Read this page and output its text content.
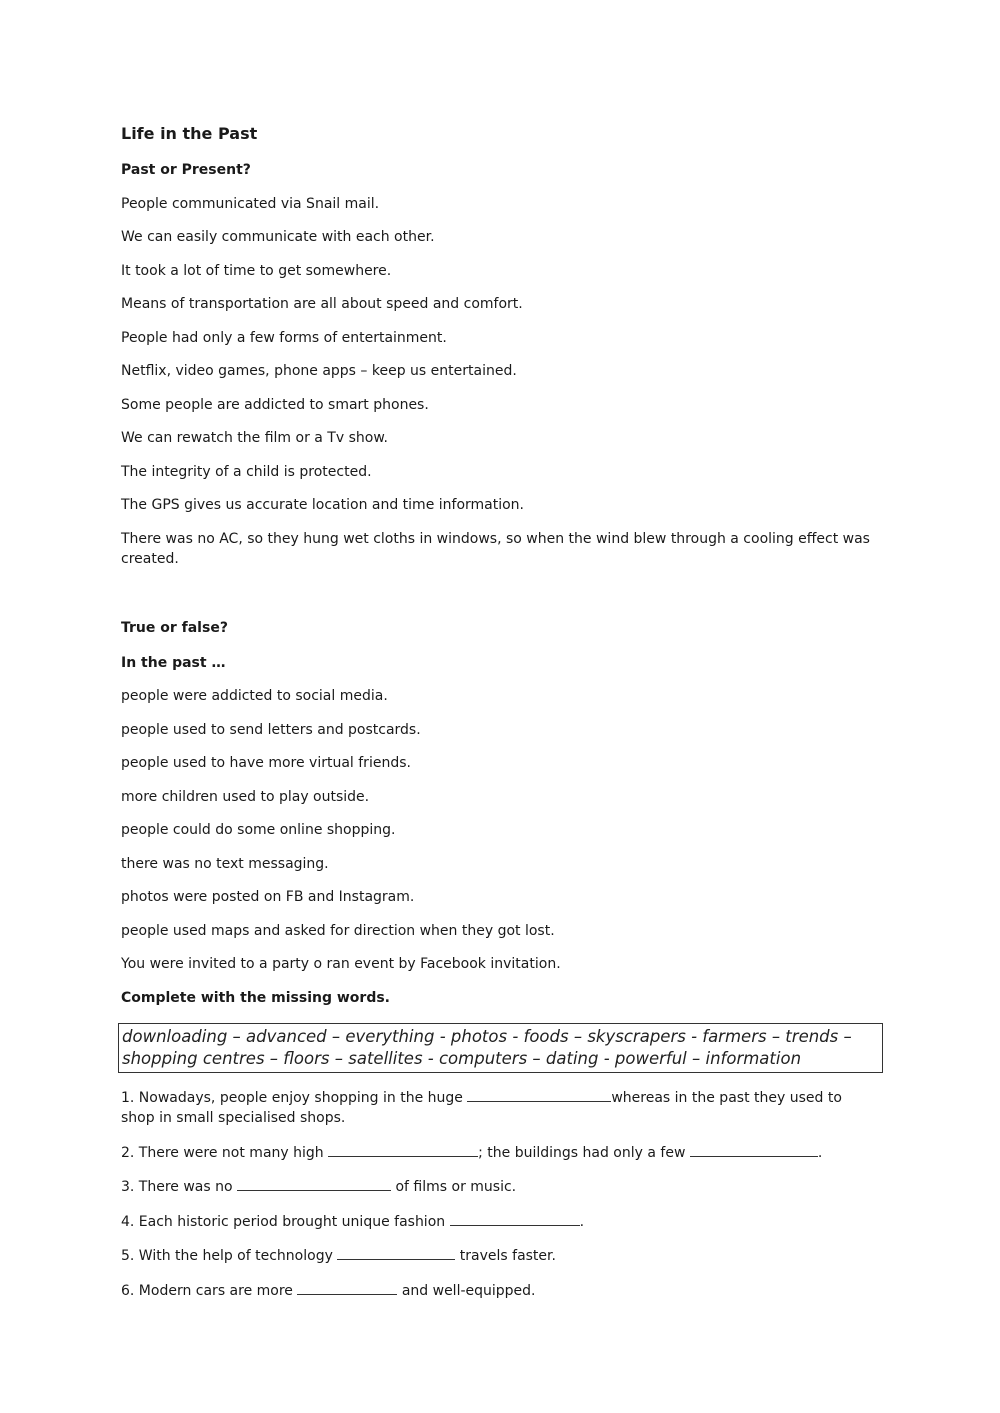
Life in the Past
Past or Present?

People communicated via Snail mail.

We can easily communicate with each other.

It took a lot of time to get somewhere.

Means of transportation are all about speed and comfort.

People had only a few forms of entertainment.

Netflix, video games, phone apps – keep us entertained.

Some people are addicted to smart phones.

We can rewatch the film or a Tv show.

The integrity of a child is protected.

The GPS gives us accurate location and time information.

There was no AC, so they hung wet cloths in windows, so when the wind blew through a cooling effect was created.

True or false?
In the past …

people were addicted to social media.

people used to send letters and postcards.

people used to have more virtual friends.

more children used to play outside.

people could do some online shopping.

there was no text messaging.

photos were posted on FB and Instagram.

people used maps and asked for direction when they got lost.

You were invited to a party o ran event by Facebook invitation.

Complete with the missing words.
downloading – advanced – everything - photos - foods – skyscrapers - farmers – trends –
shopping centres – floors – satellites - computers – dating - powerful – information

1. Nowadays, people enjoy shopping in the huge	whereas in the past they used to
shop in small specialised shops.

2. There were not many high	; the buildings had only a few	.

3. There was no	of films or music.

4. Each historic period brought unique fashion	.

5. With the help of technology	travels faster.

6. Modern cars are more	and well-equipped.
